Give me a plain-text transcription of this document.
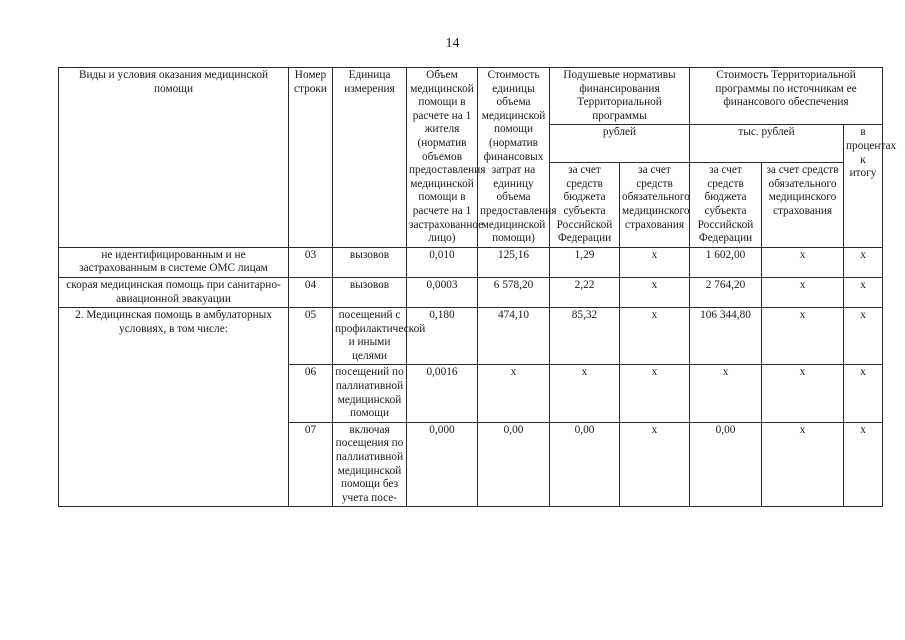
14
Виды и условия оказания медицинской помощи	Номер строки	Единица измерения	Объем медицинской помощи в расчете на 1 жителя (норматив объемов предоставления медицинской помощи в расчете на 1 застрахованное лицо)	Стоимость единицы объема медицинской помощи (норматив финансовых затрат на единицу объема предоставления медицинской помощи)	Подушевые нормативы финансирования Территориальной программы		Стоимость Территориальной программы по источникам ее финансового обеспечения		
					рублей		тыс. рублей		в процентах к итогу
					за счет средств бюджета субъекта Российской Федерации	за счет средств обязательного медицинского страхования	за счет средств бюджета субъекта Российской Федерации	за счет средств обязательного медицинского страхования	
не идентифицированным и не застрахованным в системе ОМС лицам	03	вызовов	0,010	125,16	1,29	х	1 602,00	х	х
скорая медицинская помощь при санитарно-авиационной эвакуации	04	вызовов	0,0003	6 578,20	2,22	х	2 764,20	х	х
2. Медицинская помощь в амбулаторных условиях, в том числе:	05	посещений с профилактической и иными целями	0,180	474,10	85,32	х	106 344,80	х	х
	06	посещений по паллиативной медицинской помощи	0,0016	х	х	х	х	х	х
	07	включая посещения по паллиативной медицинской помощи без учета посе-	0,000	0,00	0,00	х	0,00	х	х
